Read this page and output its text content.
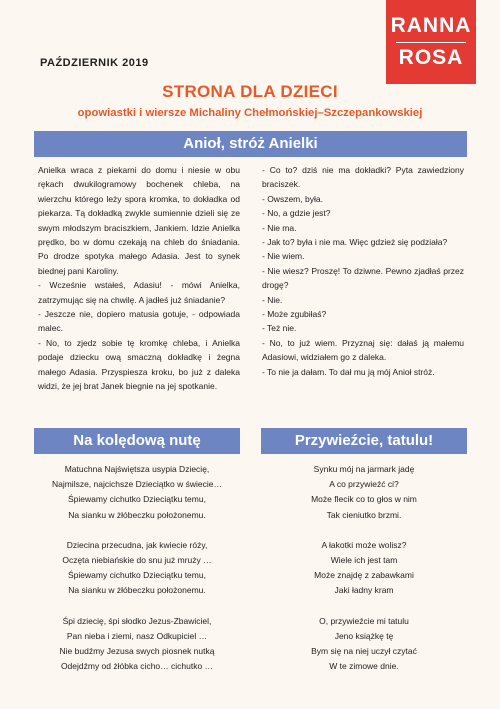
RANNA
ROSA
PAŹDZIERNIK 2019
STRONA DLA DZIECI
opowiastki i wiersze Michaliny Chełmońskiej–Szczepankowskiej
Anioł, stróż Anielki

Anielka wraca z piekarni do domu i niesie w obu rękach dwukilogramowy bochenek chleba, na wierzchu którego leży spora kromka, to dokładka od piekarza. Tą dokładką zwykle sumiennie dzieli się ze swym młodszym braciszkiem, Jankiem. Idzie Anielka prędko, bo w domu czekają na chleb do śniadania. Po drodze spotyka małego Adasia. Jest to synek biednej pani Karoliny.

- Wcześnie wstałeś, Adasiu! - mówi Anielka, zatrzymując się na chwilę. A jadłeś już śniadanie?

- Jeszcze nie, dopiero matusia gotuje, - odpowiada malec.

- No, to zjedz sobie tę kromkę chleba, i Anielka podaje dziecku ową smaczną dokładkę i żegna małego Adasia. Przyspiesza kroku, bo już z daleka widzi, że jej brat Janek biegnie na jej spotkanie.

- Co to? dziś nie ma dokładki? Pyta zawiedziony braciszek.

- Owszem, była.

- No, a gdzie jest?

- Nie ma.

- Jak to? była i nie ma. Więc gdzież się podziała?

- Nie wiem.

- Nie wiesz? Proszę! To dziwne. Pewno zjadłaś przez drogę?

- Nie.

- Może zgubiłaś?

- Też nie.

- No, to już wiem. Przyznaj się: dałaś ją małemu Adasiowi, widziałem go z daleka.

- To nie ja dałam. To dał mu ją mój Anioł stróż.

Na kolędową nutę	Przywieźcie, tatulu!
Matuchna Najświętsza usypia Dziecię,
Najmilsze, najcichsze Dzieciątko w świecie…
Śpiewamy cichutko Dzieciątku temu,
Na sianku w żłóbeczku położonemu.
Dziecina przecudna, jak kwiecie róży,
Oczęta niebiańskie do snu już mruży …
Śpiewamy cichutko Dzieciątku temu,
Na sianku w żłóbeczku położonemu.
Śpi dziecię, śpi słodko Jezus-Zbawiciel,
Pan nieba i ziemi, nasz Odkupiciel …
Nie budźmy Jezusa swych piosnek nutką
Odejdźmy od żłóbka cicho… cichutko …
Synku mój na jarmark jadę
A co przywieźć ci?
Może flecik co to głos w nim
Tak cieniutko brzmi.
A łakotki może wolisz?
Wiele ich jest tam
Może znajdę z zabawkami
Jaki ładny kram
O, przywieźcie mi tatulu
Jeno książkę tę
Bym się na niej uczył czytać
W te zimowe dnie.
